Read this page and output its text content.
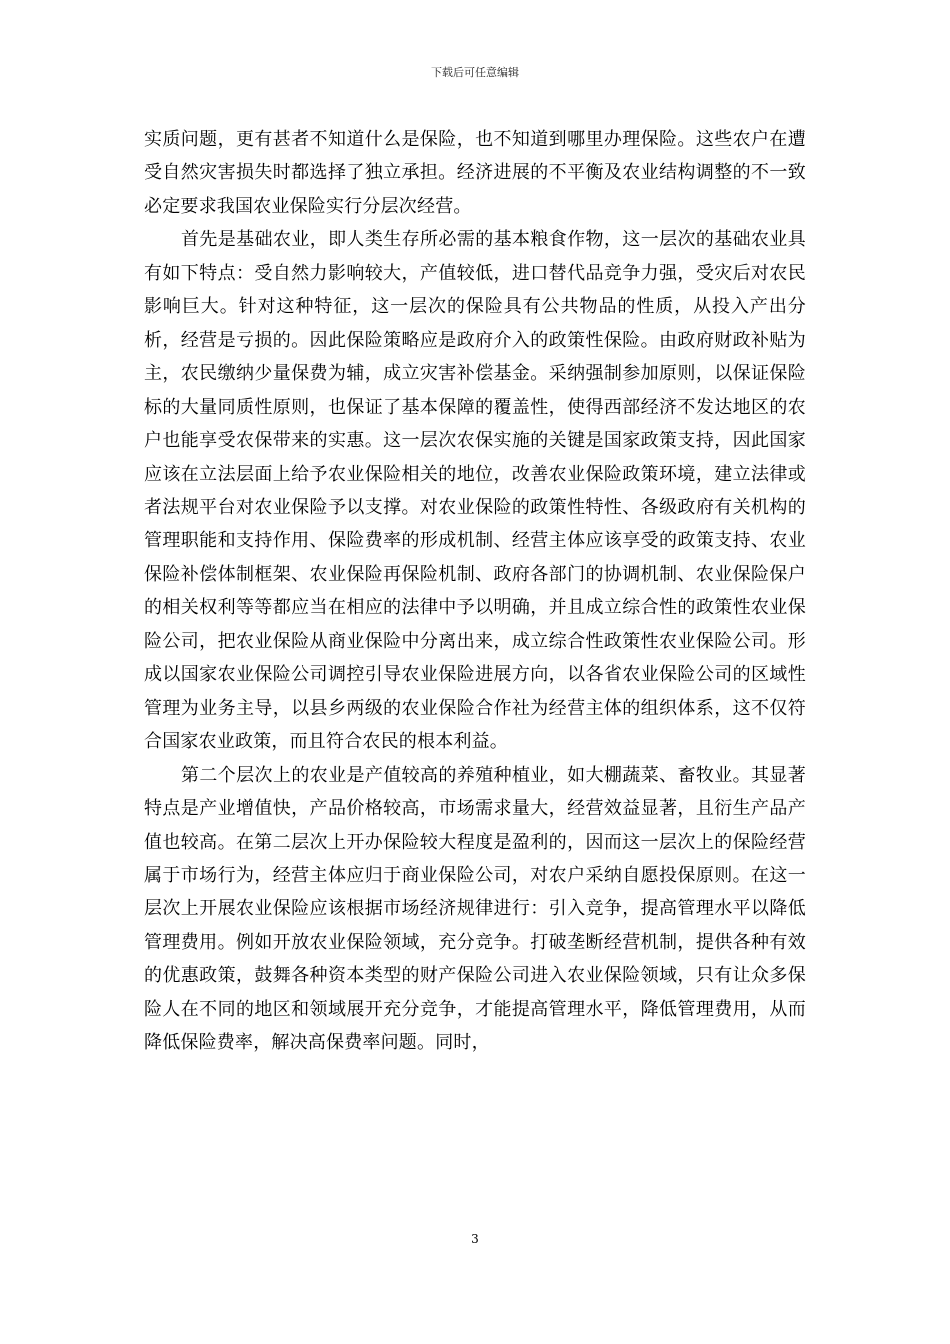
下载后可任意编辑

实质问题，更有甚者不知道什么是保险，也不知道到哪里办理保险。这些农户在遭受自然灾害损失时都选择了独立承担。经济进展的不平衡及农业结构调整的不一致必定要求我国农业保险实行分层次经营。

首先是基础农业，即人类生存所必需的基本粮食作物，这一层次的基础农业具有如下特点：受自然力影响较大，产值较低，进口替代品竞争力强，受灾后对农民影响巨大。针对这种特征，这一层次的保险具有公共物品的性质，从投入产出分析，经营是亏损的。因此保险策略应是政府介入的政策性保险。由政府财政补贴为主，农民缴纳少量保费为辅，成立灾害补偿基金。采纳强制参加原则，以保证保险标的大量同质性原则，也保证了基本保障的覆盖性，使得西部经济不发达地区的农户也能享受农保带来的实惠。这一层次农保实施的关键是国家政策支持，因此国家应该在立法层面上给予农业保险相关的地位，改善农业保险政策环境，建立法律或者法规平台对农业保险予以支撑。对农业保险的政策性特性、各级政府有关机构的管理职能和支持作用、保险费率的形成机制、经营主体应该享受的政策支持、农业保险补偿体制框架、农业保险再保险机制、政府各部门的协调机制、农业保险保户的相关权利等等都应当在相应的法律中予以明确，并且成立综合性的政策性农业保险公司，把农业保险从商业保险中分离出来，成立综合性政策性农业保险公司。形成以国家农业保险公司调控引导农业保险进展方向，以各省农业保险公司的区域性管理为业务主导，以县乡两级的农业保险合作社为经营主体的组织体系，这不仅符合国家农业政策，而且符合农民的根本利益。

第二个层次上的农业是产值较高的养殖种植业，如大棚蔬菜、畜牧业。其显著特点是产业增值快，产品价格较高，市场需求量大，经营效益显著，且衍生产品产值也较高。在第二层次上开办保险较大程度是盈利的，因而这一层次上的保险经营属于市场行为，经营主体应归于商业保险公司，对农户采纳自愿投保原则。在这一层次上开展农业保险应该根据市场经济规律进行：引入竞争，提高管理水平以降低管理费用。例如开放农业保险领域，充分竞争。打破垄断经营机制，提供各种有效的优惠政策，鼓舞各种资本类型的财产保险公司进入农业保险领域，只有让众多保险人在不同的地区和领域展开充分竞争，才能提高管理水平，降低管理费用，从而降低保险费率，解决高保费率问题。同时，

3
